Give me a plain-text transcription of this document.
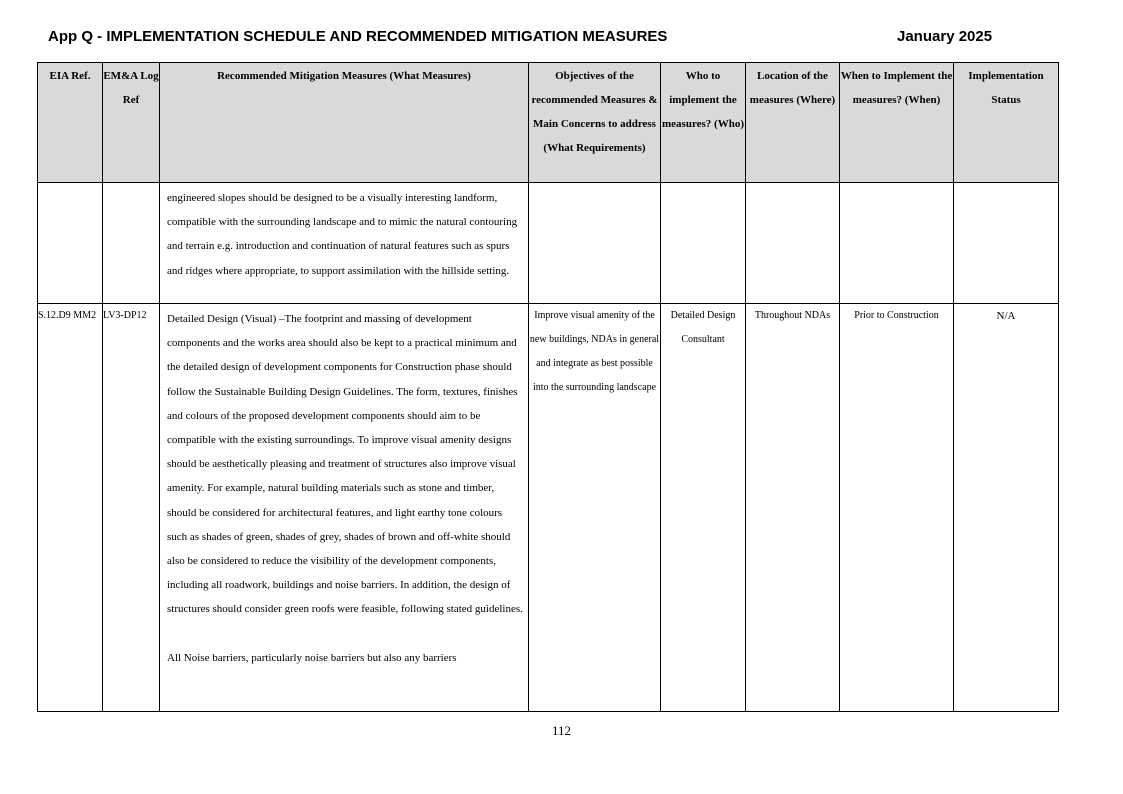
App Q - IMPLEMENTATION SCHEDULE AND RECOMMENDED MITIGATION MEASURES	January 2025
EIA Ref.	EM&A Log Ref	Recommended Mitigation Measures (What Measures)	Objectives of the recommended Measures & Main Concerns to address (What Requirements)	Who to implement the measures? (Who)	Location of the measures (Where)	When to Implement the measures? (When)	Implementation Status

		engineered slopes should be designed to be a visually interesting landform, compatible with the surrounding landscape and to mimic the natural contouring and terrain e.g. introduction and continuation of natural features such as spurs and ridges where appropriate, to support assimilation with the hillside setting.					

S.12.D9 MM2	LV3-DP12	Detailed Design (Visual) –The footprint and massing of development components and the works area should also be kept to a practical minimum and the detailed design of development components for Construction phase should follow the Sustainable Building Design Guidelines. The form, textures, finishes and colours of the proposed development components should aim to be compatible with the existing surroundings. To improve visual amenity designs should be aesthetically pleasing and treatment of structures also improve visual amenity. For example, natural building materials such as stone and timber, should be considered for architectural features, and light earthy tone colours such as shades of green, shades of grey, shades of brown and off-white should also be considered to reduce the visibility of the development components, including all roadwork, buildings and noise barriers. In addition, the design of structures should consider green roofs were feasible, following stated guidelines.
All Noise barriers, particularly noise barriers but also any barriers	Improve visual amenity of the new buildings, NDAs in general and integrate as best possible into the surrounding landscape	Detailed Design Consultant	Throughout NDAs	Prior to Construction	N/A
112
